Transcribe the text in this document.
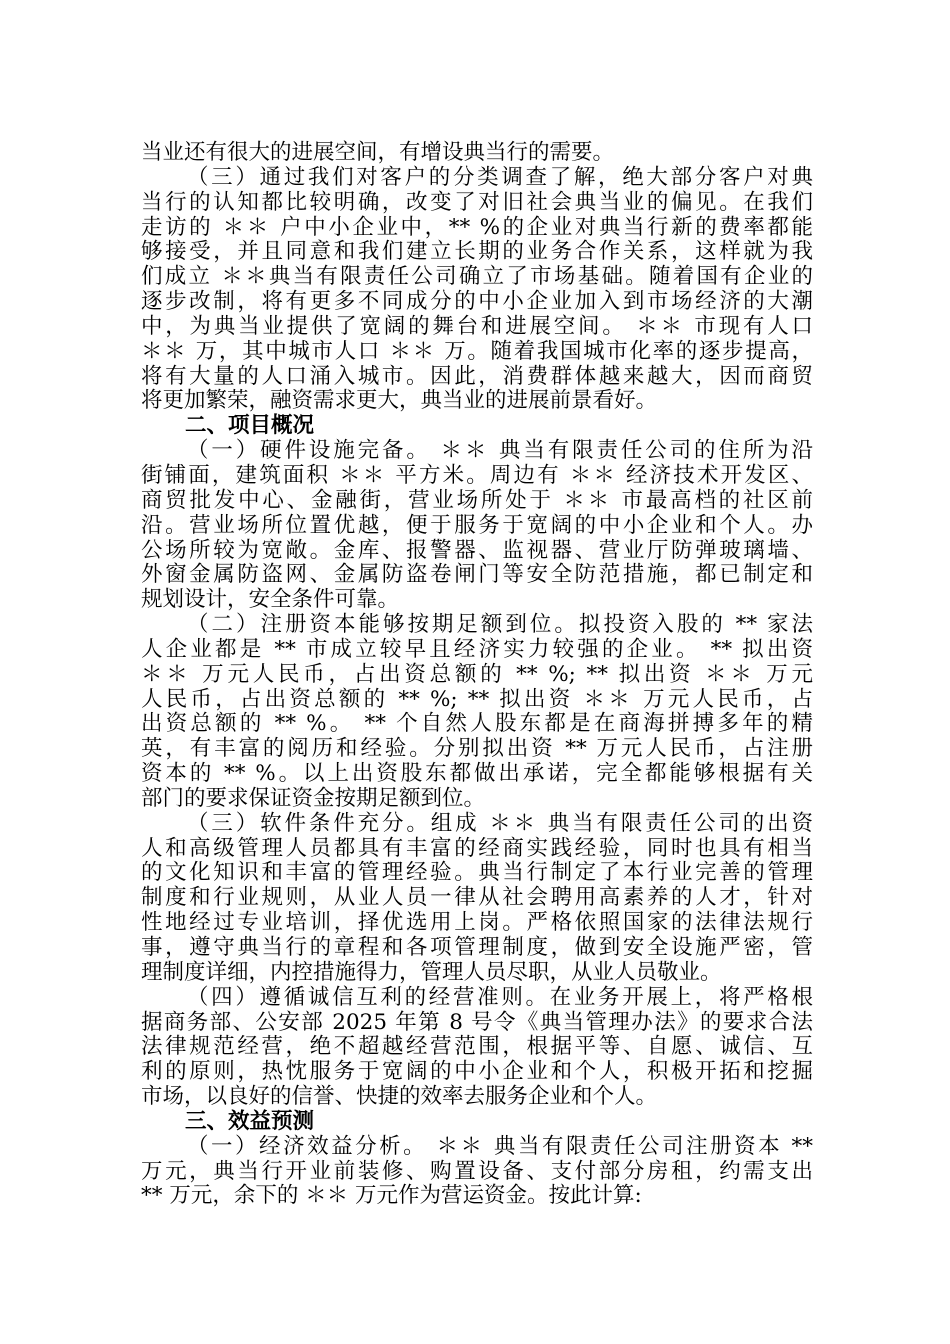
当业还有很大的进展空间，有增设典当行的需要。
（三）通过我们对客户的分类调查了解，绝大部分客户对典
当行的认知都比较明确，改变了对旧社会典当业的偏见。在我们
走访的 ＊＊ 户中小企业中，** %的企业对典当行新的费率都能
够接受，并且同意和我们建立长期的业务合作关系，这样就为我
们成立 ＊＊典当有限责任公司确立了市场基础。随着国有企业的
逐步改制，将有更多不同成分的中小企业加入到市场经济的大潮
中，为典当业提供了宽阔的舞台和进展空间。 ＊＊ 市现有人口
＊＊ 万，其中城市人口 ＊＊ 万。随着我国城市化率的逐步提高，
将有大量的人口涌入城市。因此，消费群体越来越大，因而商贸
将更加繁荣，融资需求更大，典当业的进展前景看好。
二、项目概况
（一）硬件设施完备。 ＊＊ 典当有限责任公司的住所为沿
街铺面，建筑面积 ＊＊ 平方米。周边有 ＊＊ 经济技术开发区、
商贸批发中心、金融街，营业场所处于 ＊＊ 市最高档的社区前
沿。营业场所位置优越，便于服务于宽阔的中小企业和个人。办
公场所较为宽敞。金库、报警器、监视器、营业厅防弹玻璃墙、
外窗金属防盗网、金属防盗卷闸门等安全防范措施，都已制定和
规划设计，安全条件可靠。
（二）注册资本能够按期足额到位。拟投资入股的 ** 家法
人企业都是 ** 市成立较早且经济实力较强的企业。 ** 拟出资
＊＊ 万元人民币，占出资总额的 ** %; ** 拟出资 ＊＊ 万元
人民币，占出资总额的 ** %; ** 拟出资 ＊＊ 万元人民币，占
出资总额的 ** %。 ** 个自然人股东都是在商海拼搏多年的精
英，有丰富的阅历和经验。分别拟出资 ** 万元人民币，占注册
资本的 ** %。以上出资股东都做出承诺，完全都能够根据有关
部门的要求保证资金按期足额到位。
（三）软件条件充分。组成 ＊＊ 典当有限责任公司的出资
人和高级管理人员都具有丰富的经商实践经验，同时也具有相当
的文化知识和丰富的管理经验。典当行制定了本行业完善的管理
制度和行业规则，从业人员一律从社会聘用高素养的人才，针对
性地经过专业培训，择优选用上岗。严格依照国家的法律法规行
事，遵守典当行的章程和各项管理制度，做到安全设施严密，管
理制度详细，内控措施得力，管理人员尽职，从业人员敬业。
（四）遵循诚信互利的经营准则。在业务开展上，将严格根
据商务部、公安部 2025 年第 8 号令《典当管理办法》的要求合法
法律规范经营，绝不超越经营范围，根据平等、自愿、诚信、互
利的原则，热忱服务于宽阔的中小企业和个人，积极开拓和挖掘
市场，以良好的信誉、快捷的效率去服务企业和个人。
三、效益预测
（一）经济效益分析。 ＊＊ 典当有限责任公司注册资本 **
万元，典当行开业前装修、购置设备、支付部分房租，约需支出
** 万元，余下的 ＊＊ 万元作为营运资金。按此计算:
